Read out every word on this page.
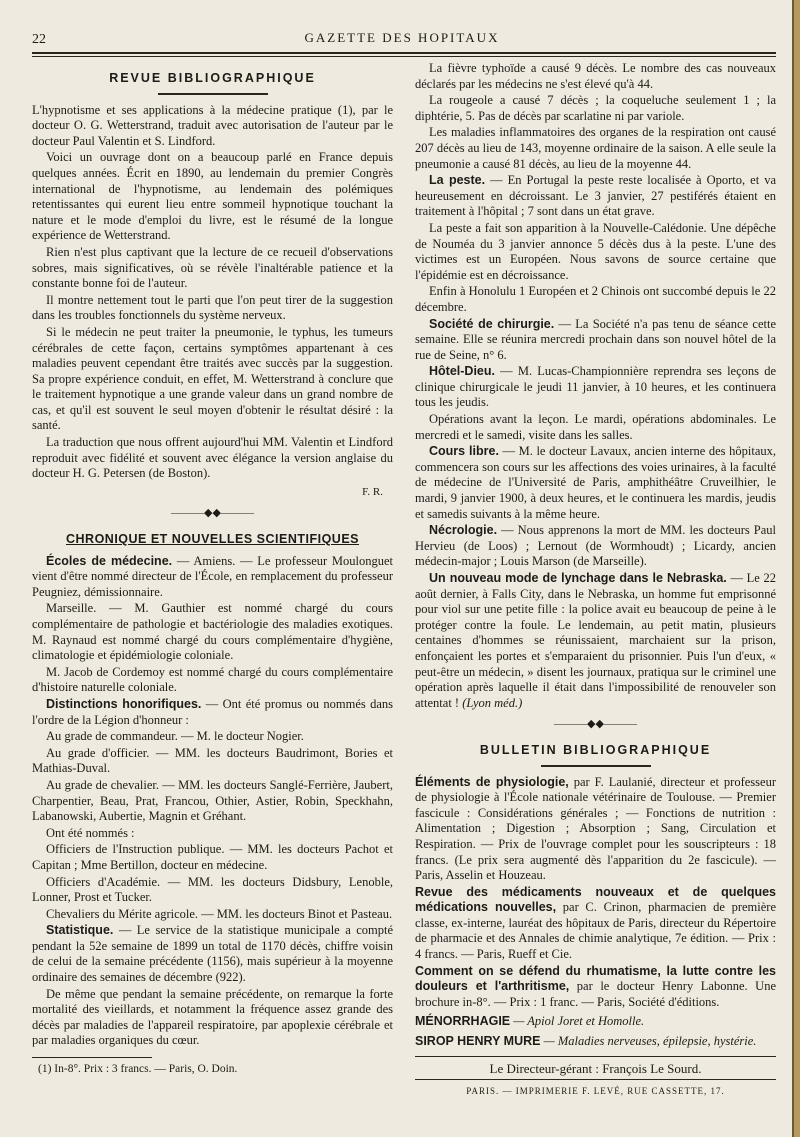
22	GAZETTE DES HOPITAUX
REVUE BIBLIOGRAPHIQUE

L'hypnotisme et ses applications à la médecine pratique (1), par le docteur O. G. Wetterstrand, traduit avec autorisation de l'auteur par le docteur Paul Valentin et S. Lindford.

Voici un ouvrage dont on a beaucoup parlé en France depuis quelques années. Écrit en 1890, au lendemain du premier Congrès international de l'hypnotisme, au lendemain des polémiques retentissantes qui eurent lieu entre sommeil hypnotique touchant la nature et le mode d'emploi du livre, est le résumé de la longue expérience de Wetterstrand.

Rien n'est plus captivant que la lecture de ce recueil d'observations sobres, mais significatives, où se révèle l'inaltérable patience et la constante bonne foi de l'auteur.

Il montre nettement tout le parti que l'on peut tirer de la suggestion dans les troubles fonctionnels du système nerveux.

Si le médecin ne peut traiter la pneumonie, le typhus, les tumeurs cérébrales de cette façon, certains symptômes appartenant à ces maladies peuvent cependant être traités avec succès par la suggestion. Sa propre expérience conduit, en effet, M. Wetterstrand à conclure que le traitement hypnotique a une grande valeur dans un grand nombre de cas, et qu'il est souvent le seul moyen d'obtenir le résultat désiré : la santé.

La traduction que nous offrent aujourd'hui MM. Valentin et Lindford reproduit avec fidélité et souvent avec élégance la version anglaise du docteur H. G. Petersen (de Boston).

F. R.
———◆◆———
CHRONIQUE ET NOUVELLES SCIENTIFIQUES

Écoles de médecine. — Amiens. — Le professeur Moulonguet vient d'être nommé directeur de l'École, en remplacement du professeur Peugniez, démissionnaire.

Marseille. — M. Gauthier est nommé chargé du cours complémentaire de pathologie et bactériologie des maladies exotiques. M. Raynaud est nommé chargé du cours complémentaire d'hygiène, climatologie et épidémiologie coloniale.

M. Jacob de Cordemoy est nommé chargé du cours complémentaire d'histoire naturelle coloniale.

Distinctions honorifiques. — Ont été promus ou nommés dans l'ordre de la Légion d'honneur :

Au grade de commandeur. — M. le docteur Nogier.

Au grade d'officier. — MM. les docteurs Baudrimont, Bories et Mathias-Duval.

Au grade de chevalier. — MM. les docteurs Sanglé-Ferrière, Jaubert, Charpentier, Beau, Prat, Francou, Othier, Astier, Robin, Speckhahn, Labanowski, Aubertie, Magnin et Gréhant.

Ont été nommés :

Officiers de l'Instruction publique. — MM. les docteurs Pachot et Capitan ; Mme Bertillon, docteur en médecine.

Officiers d'Académie. — MM. les docteurs Didsbury, Lenoble, Lonner, Prost et Tucker.

Chevaliers du Mérite agricole. — MM. les docteurs Binot et Pasteau.

Statistique. — Le service de la statistique municipale a compté pendant la 52e semaine de 1899 un total de 1170 décès, chiffre voisin de celui de la semaine précédente (1156), mais supérieur à la moyenne ordinaire des semaines de décembre (922).

De même que pendant la semaine précédente, on remarque la forte mortalité des vieillards, et notamment la fréquence assez grande des décès par maladies de l'appareil respiratoire, par apoplexie cérébrale et par maladies organiques du cœur.

(1) In-8°. Prix : 3 francs. — Paris, O. Doin.

La fièvre typhoïde a causé 9 décès. Le nombre des cas nouveaux déclarés par les médecins ne s'est élevé qu'à 44.

La rougeole a causé 7 décès ; la coqueluche seulement 1 ; la diphtérie, 5. Pas de décès par scarlatine ni par variole.

Les maladies inflammatoires des organes de la respiration ont causé 207 décès au lieu de 143, moyenne ordinaire de la saison. A elle seule la pneumonie a causé 81 décès, au lieu de la moyenne 44.

La peste. — En Portugal la peste reste localisée à Oporto, et va heureusement en décroissant. Le 3 janvier, 27 pestiférés étaient en traitement à l'hôpital ; 7 sont dans un état grave.

La peste a fait son apparition à la Nouvelle-Calédonie. Une dépêche de Nouméa du 3 janvier annonce 5 décès dus à la peste. L'une des victimes est un Européen. Nous savons de source certaine que l'épidémie est en décroissance.

Enfin à Honolulu 1 Européen et 2 Chinois ont succombé depuis le 22 décembre.

Société de chirurgie. — La Société n'a pas tenu de séance cette semaine. Elle se réunira mercredi prochain dans son nouvel hôtel de la rue de Seine, n° 6.

Hôtel-Dieu. — M. Lucas-Championnière reprendra ses leçons de clinique chirurgicale le jeudi 11 janvier, à 10 heures, et les continuera tous les jeudis.

Opérations avant la leçon. Le mardi, opérations abdominales. Le mercredi et le samedi, visite dans les salles.

Cours libre. — M. le docteur Lavaux, ancien interne des hôpitaux, commencera son cours sur les affections des voies urinaires, à la faculté de médecine de l'Université de Paris, amphithéâtre Cruveilhier, le mardi, 9 janvier 1900, à deux heures, et le continuera les mardis, jeudis et samedis suivants à la même heure.

Nécrologie. — Nous apprenons la mort de MM. les docteurs Paul Hervieu (de Loos) ; Lernout (de Wormhoudt) ; Licardy, ancien médecin-major ; Louis Marson (de Marseille).

Un nouveau mode de lynchage dans le Nebraska. — Le 22 août dernier, à Falls City, dans le Nebraska, un homme fut emprisonné pour viol sur une petite fille : la police avait eu beaucoup de peine à le protéger contre la foule. Le lendemain, au petit matin, plusieurs centaines d'hommes se réunissaient, marchaient sur la prison, enfonçaient les portes et s'emparaient du prisonnier. Puis l'un d'eux, « peut-être un médecin, » disent les journaux, pratiqua sur le criminel une opération après laquelle il était dans l'impossibilité de renouveler son attentat ! (Lyon méd.)

———◆◆———
BULLETIN BIBLIOGRAPHIQUE

Éléments de physiologie, par F. Laulanié, directeur et professeur de physiologie à l'École nationale vétérinaire de Toulouse. — Premier fascicule : Considérations générales ; — Fonctions de nutrition : Alimentation ; Digestion ; Absorption ; Sang, Circulation et Respiration. — Prix de l'ouvrage complet pour les souscripteurs : 18 francs. (Le prix sera augmenté dès l'apparition du 2e fascicule). — Paris, Asselin et Houzeau.

Revue des médicaments nouveaux et de quelques médications nouvelles, par C. Crinon, pharmacien de première classe, ex-interne, lauréat des hôpitaux de Paris, directeur du Répertoire de pharmacie et des Annales de chimie analytique, 7e édition. — Prix : 4 francs. — Paris, Rueff et Cie.

Comment on se défend du rhumatisme, la lutte contre les douleurs et l'arthritisme, par le docteur Henry Labonne. Une brochure in-8°. — Prix : 1 franc. — Paris, Société d'éditions.

MÉNORRHAGIE — Apiol Joret et Homolle.
SIROP HENRY MURE — Maladies nerveuses, épilepsie, hystérie.
Le Directeur-gérant : François Le Sourd.
PARIS. — IMPRIMERIE F. LEVÉ, RUE CASSETTE, 17.
